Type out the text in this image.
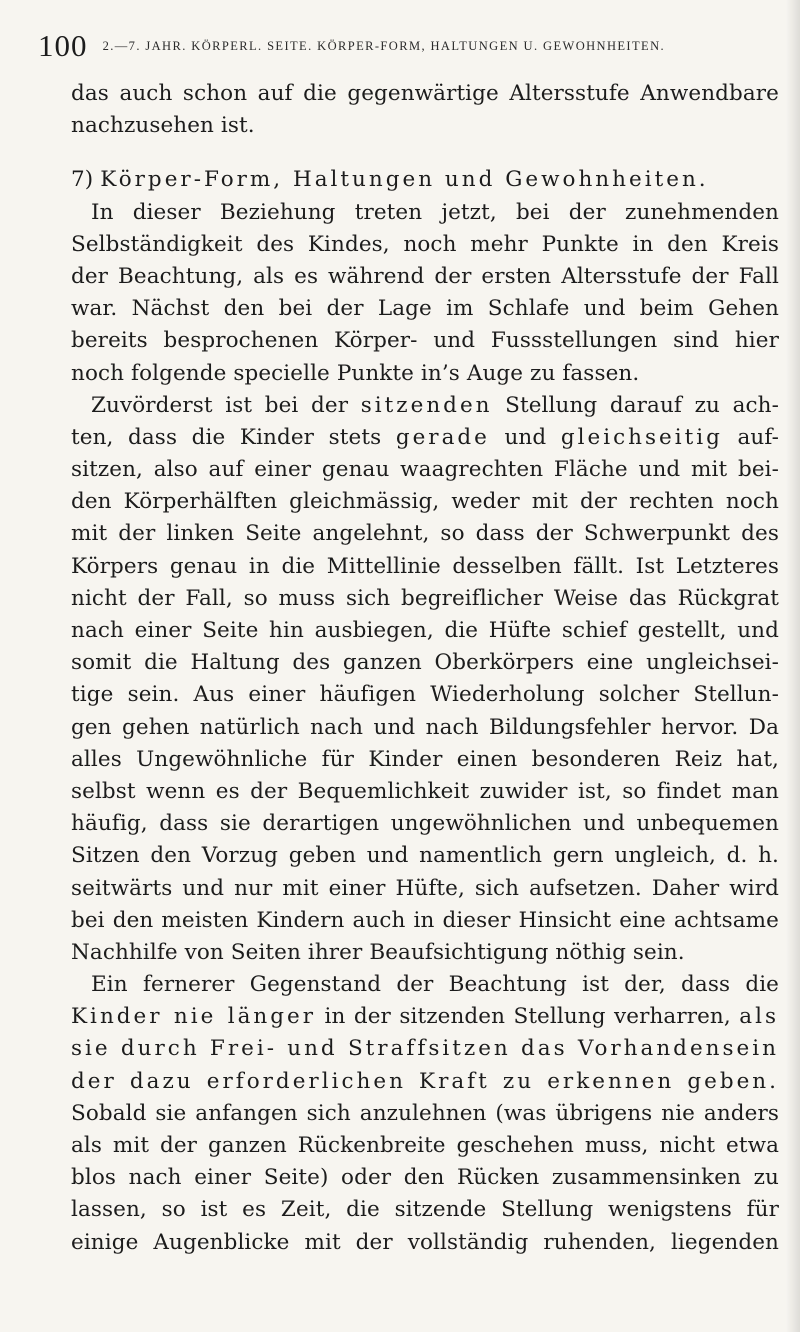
100 2.—7. JAHR. KÖRPERL. SEITE. KÖRPER-FORM, HALTUNGEN U. GEWOHNHEITEN.
das auch schon auf die gegenwärtige Altersstufe Anwendbare
nachzusehen ist.
7) Körper-Form, Haltungen und Gewohnheiten.
In dieser Beziehung treten jetzt, bei der zunehmenden
Selbständigkeit des Kindes, noch mehr Punkte in den Kreis
der Beachtung, als es während der ersten Altersstufe der Fall
war. Nächst den bei der Lage im Schlafe und beim Gehen
bereits besprochenen Körper- und Fussstellungen sind hier
noch folgende specielle Punkte in’s Auge zu fassen.
Zuvörderst ist bei der sitzenden Stellung darauf zu ach-
ten, dass die Kinder stets gerade und gleichseitig auf-
sitzen, also auf einer genau waagrechten Fläche und mit bei-
den Körperhälften gleichmässig, weder mit der rechten noch
mit der linken Seite angelehnt, so dass der Schwerpunkt des
Körpers genau in die Mittellinie desselben fällt. Ist Letzteres
nicht der Fall, so muss sich begreiflicher Weise das Rückgrat
nach einer Seite hin ausbiegen, die Hüfte schief gestellt, und
somit die Haltung des ganzen Oberkörpers eine ungleichsei-
tige sein. Aus einer häufigen Wiederholung solcher Stellun-
gen gehen natürlich nach und nach Bildungsfehler hervor. Da
alles Ungewöhnliche für Kinder einen besonderen Reiz hat,
selbst wenn es der Bequemlichkeit zuwider ist, so findet man
häufig, dass sie derartigen ungewöhnlichen und unbequemen
Sitzen den Vorzug geben und namentlich gern ungleich, d. h.
seitwärts und nur mit einer Hüfte, sich aufsetzen. Daher wird
bei den meisten Kindern auch in dieser Hinsicht eine achtsame
Nachhilfe von Seiten ihrer Beaufsichtigung nöthig sein.
Ein fernerer Gegenstand der Beachtung ist der, dass die
Kinder nie länger in der sitzenden Stellung verharren, als
sie durch Frei- und Straffsitzen das Vorhandensein
der dazu erforderlichen Kraft zu erkennen geben.
Sobald sie anfangen sich anzulehnen (was übrigens nie anders
als mit der ganzen Rückenbreite geschehen muss, nicht etwa
blos nach einer Seite) oder den Rücken zusammensinken zu
lassen, so ist es Zeit, die sitzende Stellung wenigstens für
einige Augenblicke mit der vollständig ruhenden, liegenden
